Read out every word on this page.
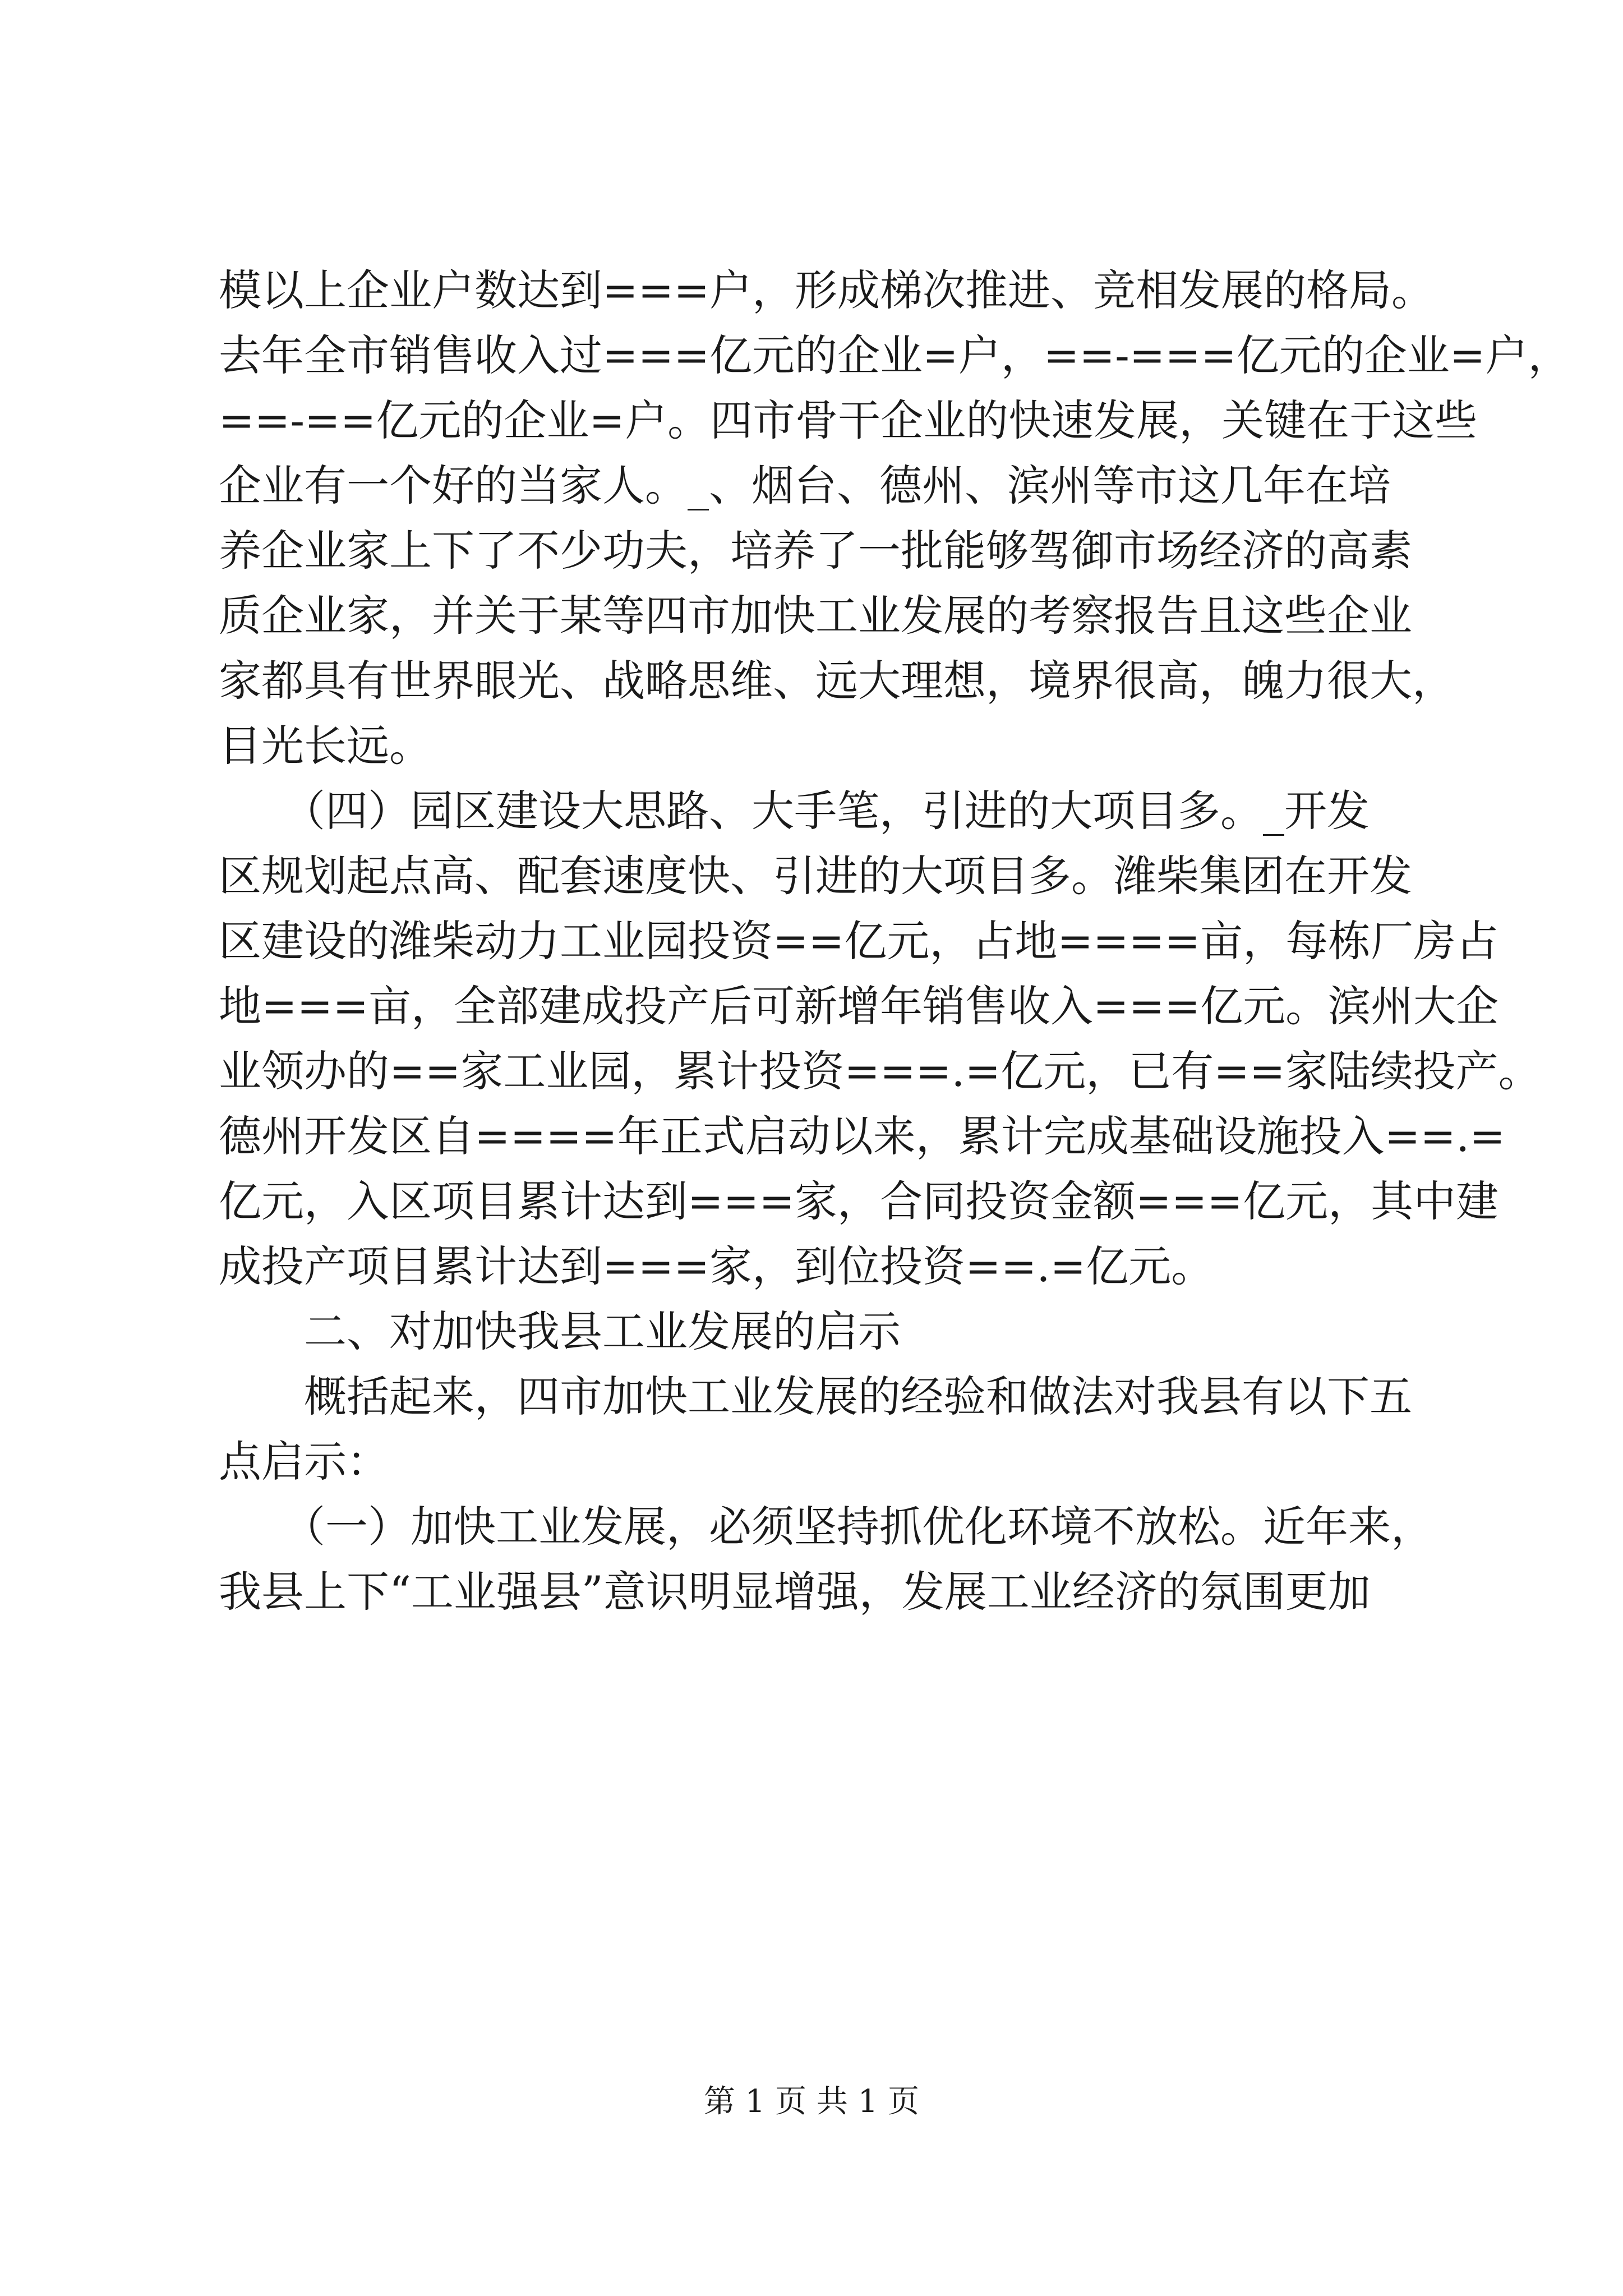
模以上企业户数达到===户，形成梯次推进、竞相发展的格局。
去年全市销售收入过===亿元的企业=户，==-===亿元的企业=户，
==-==亿元的企业=户。四市骨干企业的快速发展，关键在于这些
企业有一个好的当家人。_、烟台、德州、滨州等市这几年在培
养企业家上下了不少功夫，培养了一批能够驾御市场经济的高素
质企业家，并关于某等四市加快工业发展的考察报告且这些企业
家都具有世界眼光、战略思维、远大理想，境界很高，魄力很大，
目光长远。
　　（四）园区建设大思路、大手笔，引进的大项目多。_开发
区规划起点高、配套速度快、引进的大项目多。潍柴集团在开发
区建设的潍柴动力工业园投资==亿元，占地====亩，每栋厂房占
地===亩，全部建成投产后可新增年销售收入===亿元。滨州大企
业领办的==家工业园，累计投资===.=亿元，已有==家陆续投产。
德州开发区自====年正式启动以来，累计完成基础设施投入==.=
亿元，入区项目累计达到===家，合同投资金额===亿元，其中建
成投产项目累计达到===家，到位投资==.=亿元。
　　二、对加快我县工业发展的启示
　　概括起来，四市加快工业发展的经验和做法对我县有以下五
点启示：
　　（一）加快工业发展，必须坚持抓优化环境不放松。近年来，
我县上下“工业强县”意识明显增强，发展工业经济的氛围更加
第 1 页 共 1 页
